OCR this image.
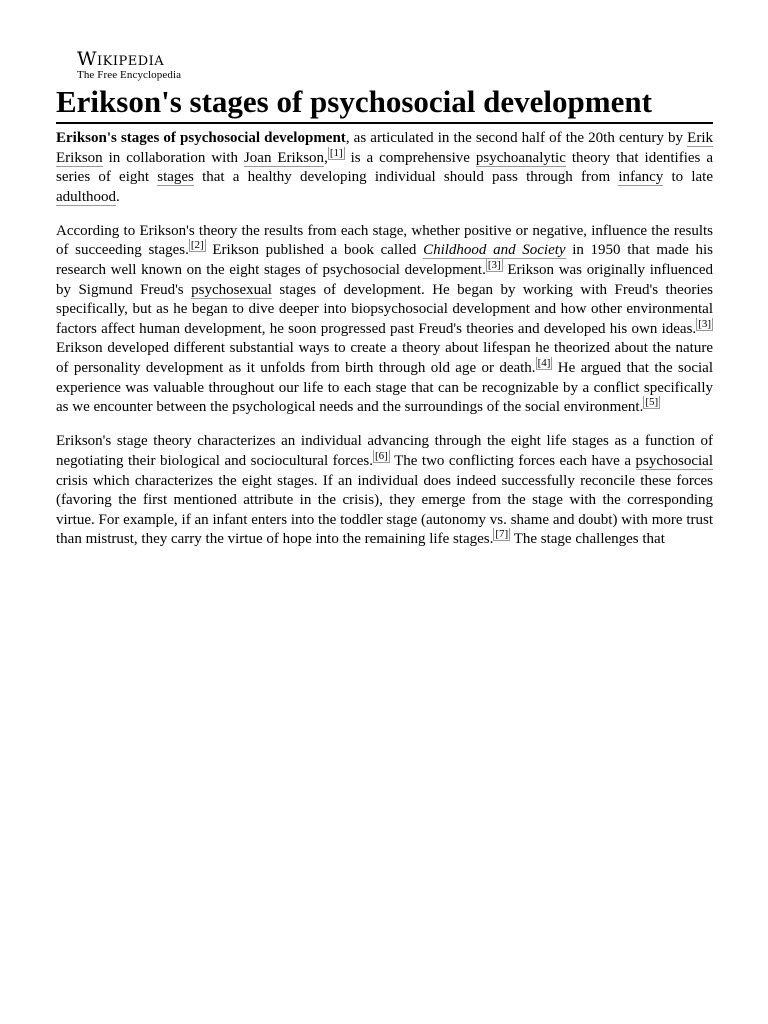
Wikipedia
The Free Encyclopedia
Erikson's stages of psychosocial development

Erikson's stages of psychosocial development, as articulated in the second half of the 20th century by Erik Erikson in collaboration with Joan Erikson, [1] is a comprehensive psychoanalytic theory that identifies a series of eight stages that a healthy developing individual should pass through from infancy to late adulthood.

According to Erikson's theory the results from each stage, whether positive or negative, influence the results of succeeding stages. [2] Erikson published a book called Childhood and Society in 1950 that made his research well known on the eight stages of psychosocial development. [3] Erikson was originally influenced by Sigmund Freud's psychosexual stages of development. He began by working with Freud's theories specifically, but as he began to dive deeper into biopsychosocial development and how other environmental factors affect human development, he soon progressed past Freud's theories and developed his own ideas. [3] Erikson developed different substantial ways to create a theory about lifespan he theorized about the nature of personality development as it unfolds from birth through old age or death. [4] He argued that the social experience was valuable throughout our life to each stage that can be recognizable by a conflict specifically as we encounter between the psychological needs and the surroundings of the social environment. [5]

Erikson's stage theory characterizes an individual advancing through the eight life stages as a function of negotiating their biological and sociocultural forces. [6] The two conflicting forces each have a psychosocial crisis which characterizes the eight stages. If an individual does indeed successfully reconcile these forces (favoring the first mentioned attribute in the crisis), they emerge from the stage with the corresponding virtue. For example, if an infant enters into the toddler stage (autonomy vs. shame and doubt) with more trust than mistrust, they carry the virtue of hope into the remaining life stages. [7] The stage challenges that
